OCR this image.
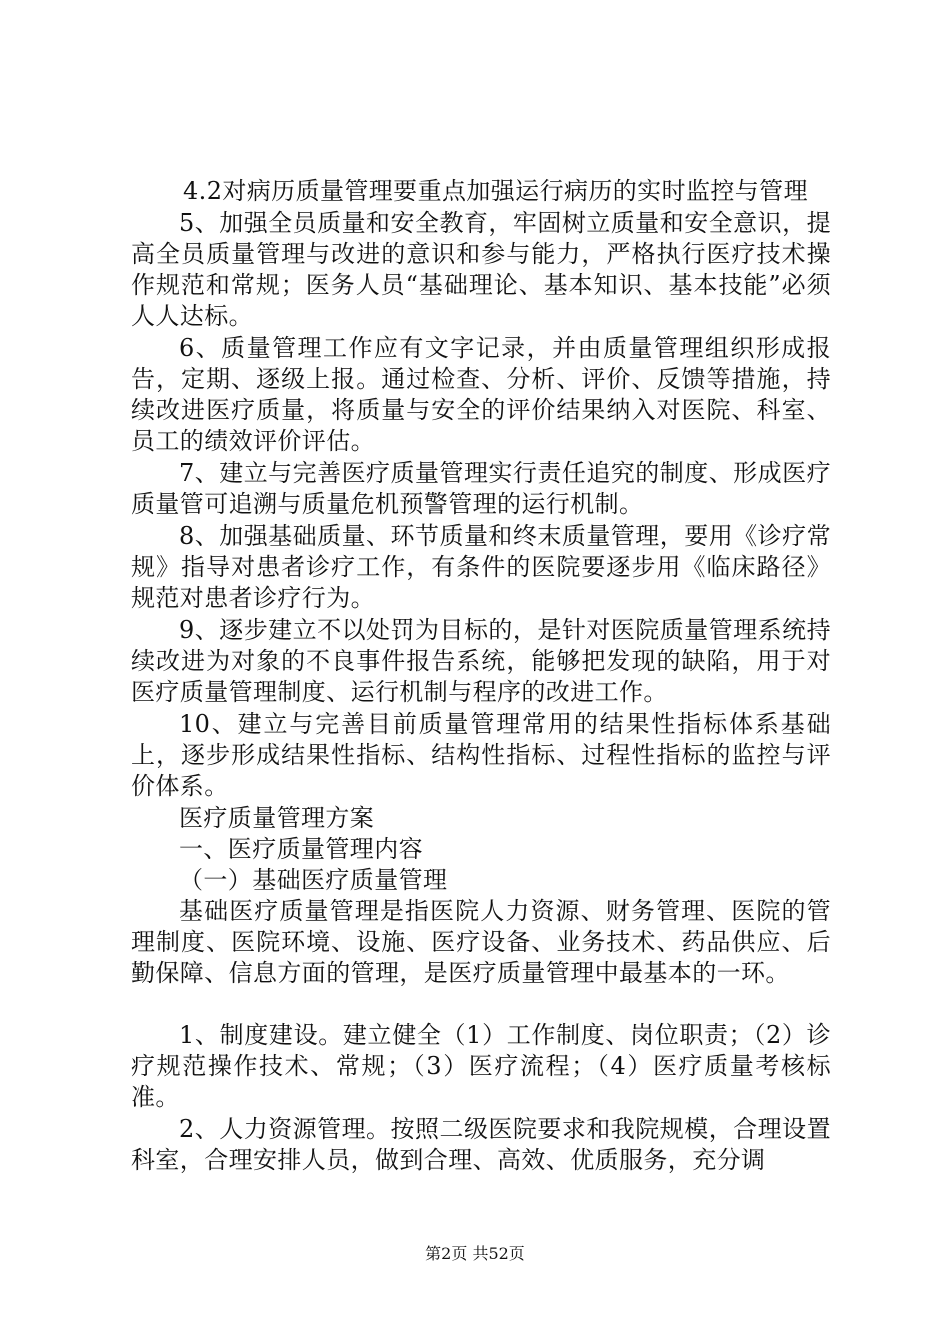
4.2对病历质量管理要重点加强运行病历的实时监控与管理

5、加强全员质量和安全教育，牢固树立质量和安全意识，提高全员质量管理与改进的意识和参与能力，严格执行医疗技术操作规范和常规；医务人员“基础理论、基本知识、基本技能”必须人人达标。

6、质量管理工作应有文字记录，并由质量管理组织形成报告，定期、逐级上报。通过检查、分析、评价、反馈等措施，持续改进医疗质量，将质量与安全的评价结果纳入对医院、科室、员工的绩效评价评估。

7、建立与完善医疗质量管理实行责任追究的制度、形成医疗质量管可追溯与质量危机预警管理的运行机制。

8、加强基础质量、环节质量和终末质量管理，要用《诊疗常规》指导对患者诊疗工作，有条件的医院要逐步用《临床路径》规范对患者诊疗行为。

9、逐步建立不以处罚为目标的，是针对医院质量管理系统持续改进为对象的不良事件报告系统，能够把发现的缺陷，用于对医疗质量管理制度、运行机制与程序的改进工作。

10、建立与完善目前质量管理常用的结果性指标体系基础上，逐步形成结果性指标、结构性指标、过程性指标的监控与评价体系。

医疗质量管理方案

一、医疗质量管理内容

（一）基础医疗质量管理

基础医疗质量管理是指医院人力资源、财务管理、医院的管理制度、医院环境、设施、医疗设备、业务技术、药品供应、后勤保障、信息方面的管理，是医疗质量管理中最基本的一环。

1、制度建设。建立健全（1）工作制度、岗位职责；（2）诊疗规范操作技术、常规；（3）医疗流程；（4）医疗质量考核标准。

2、人力资源管理。按照二级医院要求和我院规模，合理设置科室，合理安排人员，做到合理、高效、优质服务，充分调

第2页 共52页
